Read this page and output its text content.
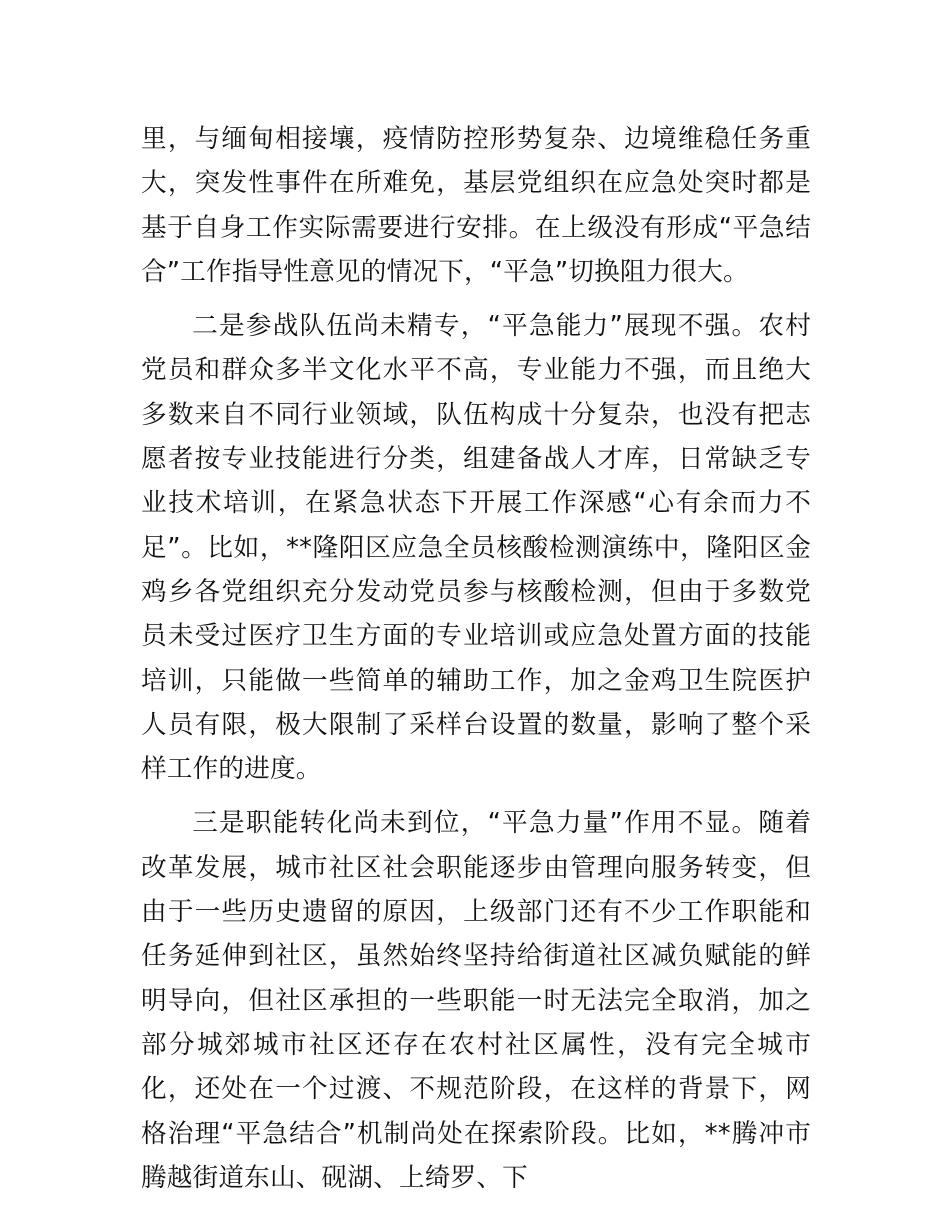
里，与缅甸相接壤，疫情防控形势复杂、边境维稳任务重大，突发性事件在所难免，基层党组织在应急处突时都是基于自身工作实际需要进行安排。在上级没有形成“平急结合”工作指导性意见的情况下，“平急”切换阻力很大。

二是参战队伍尚未精专，“平急能力”展现不强。农村党员和群众多半文化水平不高，专业能力不强，而且绝大多数来自不同行业领域，队伍构成十分复杂，也没有把志愿者按专业技能进行分类，组建备战人才库，日常缺乏专业技术培训，在紧急状态下开展工作深感“心有余而力不足”。比如，**隆阳区应急全员核酸检测演练中，隆阳区金鸡乡各党组织充分发动党员参与核酸检测，但由于多数党员未受过医疗卫生方面的专业培训或应急处置方面的技能培训，只能做一些简单的辅助工作，加之金鸡卫生院医护人员有限，极大限制了采样台设置的数量，影响了整个采样工作的进度。

三是职能转化尚未到位，“平急力量”作用不显。随着改革发展，城市社区社会职能逐步由管理向服务转变，但由于一些历史遗留的原因，上级部门还有不少工作职能和任务延伸到社区，虽然始终坚持给街道社区减负赋能的鲜明导向，但社区承担的一些职能一时无法完全取消，加之部分城郊城市社区还存在农村社区属性，没有完全城市化，还处在一个过渡、不规范阶段，在这样的背景下，网格治理“平急结合”机制尚处在探索阶段。比如，**腾冲市腾越街道东山、砚湖、上绮罗、下
